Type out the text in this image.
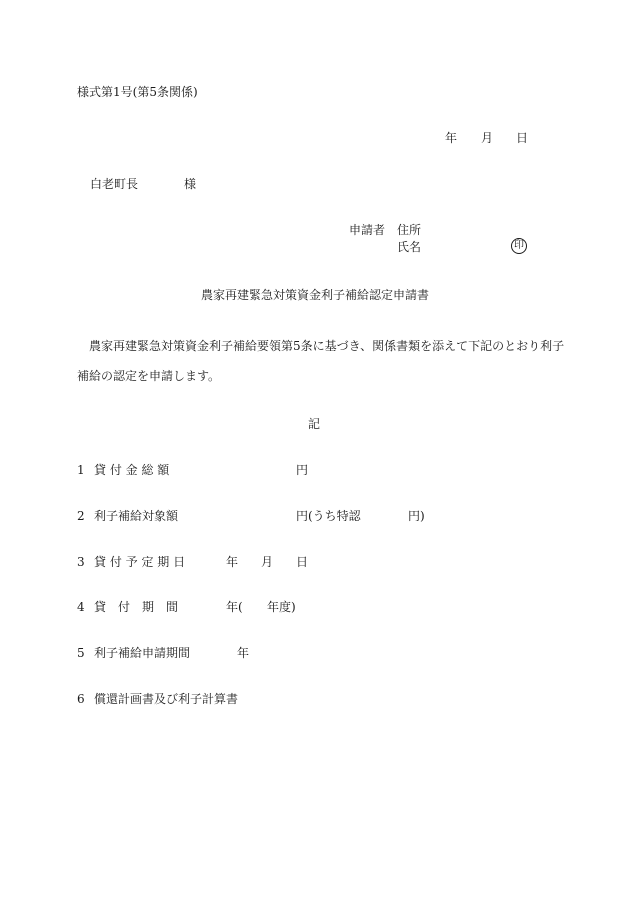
様式第1号(第5条関係)
年 月 日
白老町長	様
申請者 住所
氏名	印
農家再建緊急対策資金利子補給認定申請書
農家再建緊急対策資金利子補給要領第5条に基づき、関係書類を添えて下記のとおり利子
補給の認定を申請します。
記
1 貸 付 金 総 額	円
2 利子補給対象額	円(うち特認	円)
3 貸 付 予 定 期 日	年 月 日
4 貸　付　期　間	年( 年度)
5 利子補給申請期間	年
6 償還計画書及び利子計算書
